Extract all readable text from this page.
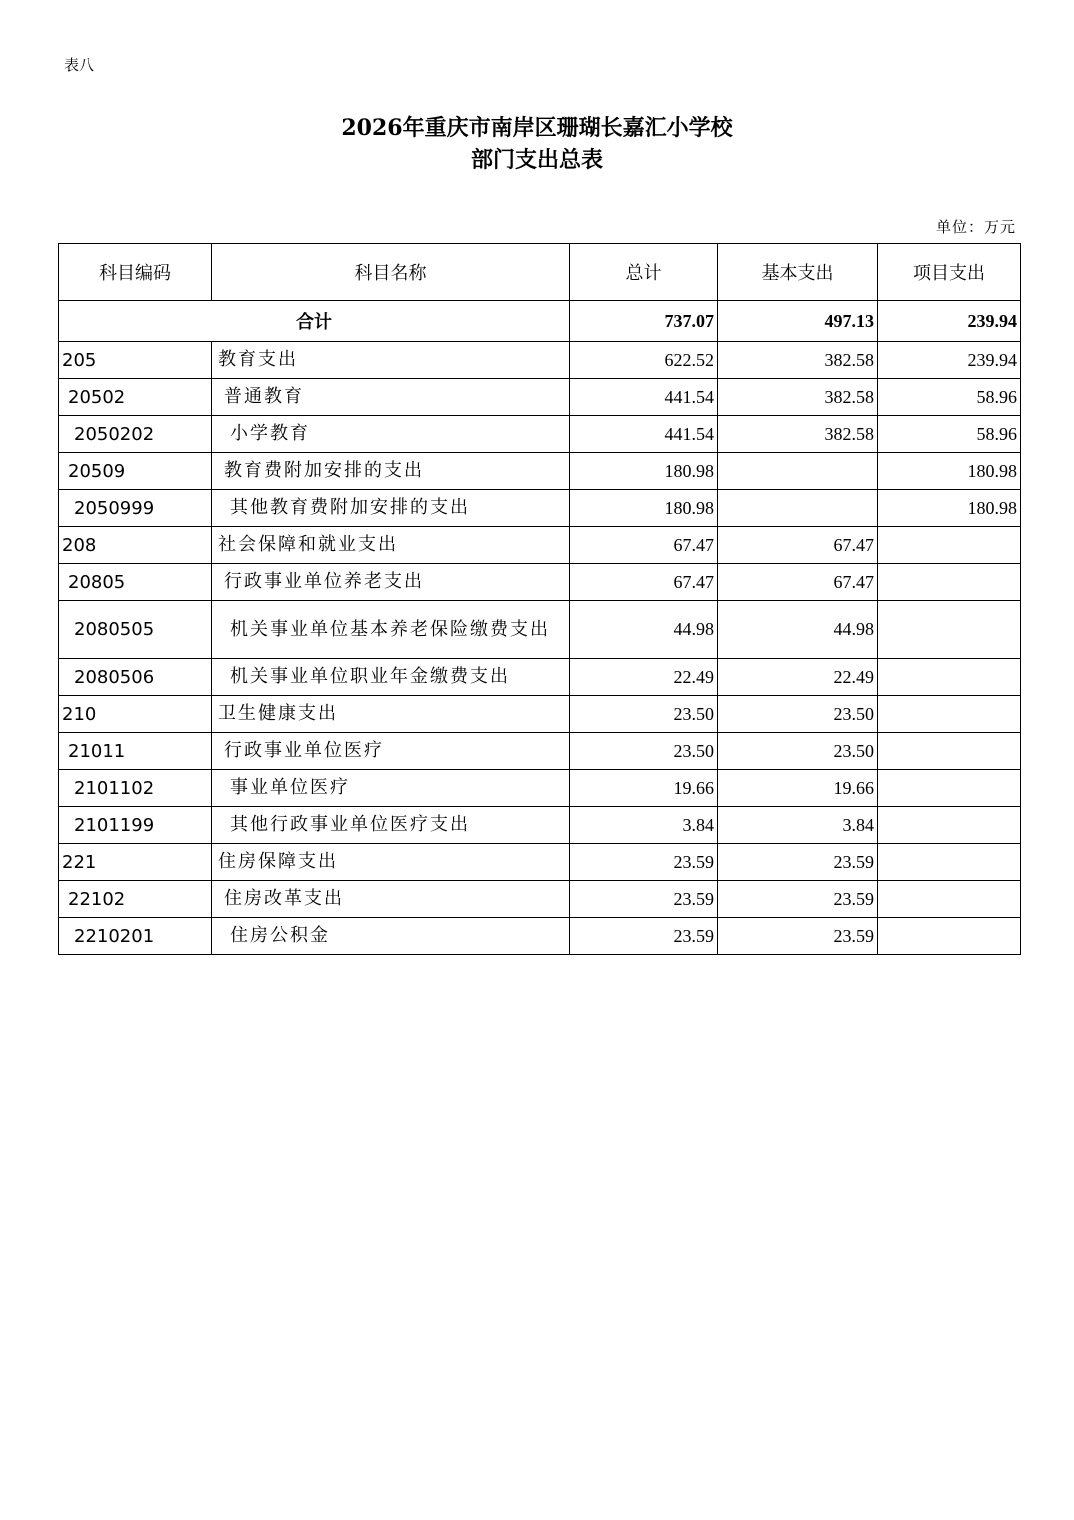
表八
2026年重庆市南岸区珊瑚长嘉汇小学校
部门支出总表
单位：万元
科目编码	科目名称	总计	基本支出	项目支出
合计		737.07	497.13	239.94
205	教育支出	622.52	382.58	239.94
20502	普通教育	441.54	382.58	58.96
2050202	小学教育	441.54	382.58	58.96
20509	教育费附加安排的支出	180.98		180.98
2050999	其他教育费附加安排的支出	180.98		180.98
208	社会保障和就业支出	67.47	67.47	
20805	行政事业单位养老支出	67.47	67.47	
2080505	机关事业单位基本养老保险缴费支出	44.98	44.98	
2080506	机关事业单位职业年金缴费支出	22.49	22.49	
210	卫生健康支出	23.50	23.50	
21011	行政事业单位医疗	23.50	23.50	
2101102	事业单位医疗	19.66	19.66	
2101199	其他行政事业单位医疗支出	3.84	3.84	
221	住房保障支出	23.59	23.59	
22102	住房改革支出	23.59	23.59	
2210201	住房公积金	23.59	23.59	
